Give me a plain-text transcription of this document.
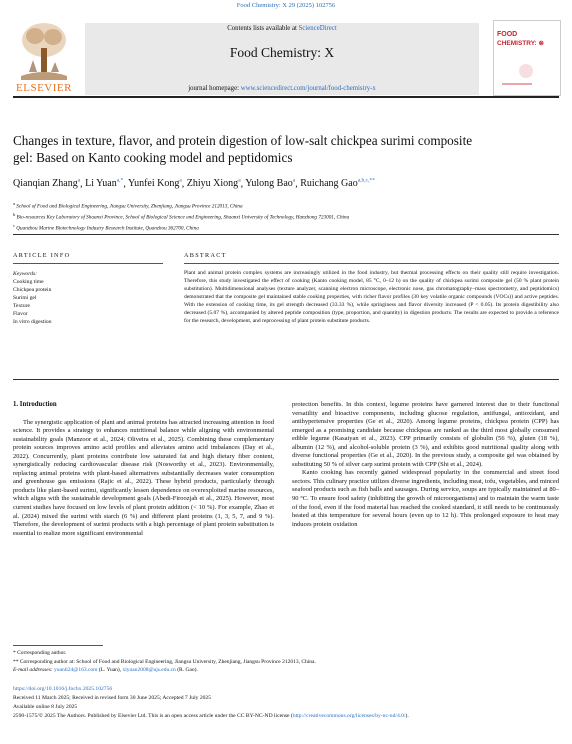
Food Chemistry: X 29 (2025) 102756
ELSEVIER
Contents lists available at ScienceDirect
Food Chemistry: X
journal homepage: www.sciencedirect.com/journal/food-chemistry-x
FOOD
CHEMISTRY: ⊗
Changes in texture, flavor, and protein digestion of low-salt chickpea surimi composite gel: Based on Kanto cooking model and peptidomics
Qianqian Zhang$^a$, Li Yuan$^{a,*}$, Yunfei Kong$^a$, Zhiyu Xiong$^a$, Yulong Bao$^a$, Ruichang Gao$^{a,b,c,**}$
$^a$ School of Food and Biological Engineering, Jiangsu University, Zhenjiang, Jiangsu Province 212013, China
$^b$ Bio-resources Key Laboratory of Shaanxi Province, School of Biological Science and Engineering, Shaanxi University of Technology, Hanzhong 723001, China
$^c$ Quanzhou Marine Biotechnology Industry Research Institute, Quanzhou 362700, China
ARTICLE INFO	ABSTRACT
Keywords:
Cooking time
Chickpea protein
Surimi gel
Texture
Flavor
In vitro digestion
Plant and animal protein complex systems are increasingly utilized in the food industry, but thermal processing effects on their quality still require investigation. Therefore, this study investigated the effect of cooking (Kanto cooking model, 85 °C, 0–12 h) on the quality of chickpea surimi composite gel (50 % plant protein substitution). Multidimensional analyses (texture analyzer, scanning electron microscope, electronic nose, gas chromatography–mass spectrometry, and peptidomics) demonstrated that the composite gel maintained stable cooking properties, with richer flavor profiles (30 key volatile organic compounds (VOCs)) and active peptides. With the extension of cooking time, its gel strength decreased (33.33 %), while springiness and flavor diversity increased (P < 0.05). Its protein digestibility also decreased (5.07 %), accompanied by altered peptide composition (type, proportion, and quantity) in digestion products. The results are expected to provide a reference for the research, development, and reprocessing of plant protein substitute products.

1. Introduction

The synergistic application of plant and animal proteins has attracted increasing attention in food science. It provides a strategy to enhances nutritional balance while aligning with environmental sustainability goals (Manzoor et al., 2024; Oliveira et al., 2025). Combining these complementary protein sources improves amino acid profiles and alleviates amino acid imbalances (Day et al., 2022). Concurrently, plant proteins contribute low saturated fat and high dietary fiber content, synergistically reducing cardiovascular disease risk (Nosworthy et al., 2023). Environmentally, replacing animal proteins with plant-based alternatives substantially decreases water consumption and greenhouse gas emissions (Rajic et al., 2022). These hybrid products, particularly through products like plant-based surimi, significantly lessen dependence on overexploited marine resources, which aligns with the sustainable development goals (Abedi-Firoozjah et al., 2025). However, most current studies have focused on low levels of plant protein addition (< 10 %). For example, Zhao et al. (2024) mixed the surimi with starch (6 %) and different plant proteins (1, 3, 5, 7, and 9 %). Therefore, the development of surimi products with a high percentage of plant protein substitution is essential to realize more significant environmental

protection benefits. In this context, legume proteins have garnered interest due to their functional versatility and bioactive components, including glucose regulation, antifungal, antioxidant, and antihypertensive properties (Ge et al., 2020). Among legume proteins, chickpea protein (CPP) has emerged as a promising candidate because chickpeas are ranked as the third most globally consumed edible legume (Kasaiyan et al., 2023). CPP primarily consists of globulin (56 %), gluten (18 %), albumin (12 %), and alcohol-soluble protein (3 %), and exhibits good nutritional quality along with diverse functional properties (Ge et al., 2020). In the previous study, a composite gel was obtained by substituting 50 % of silver carp surimi protein with CPP (Shi et al., 2024).

Kanto cooking has recently gained widespread popularity in the commercial and street food sectors. This culinary practice utilizes diverse ingredients, including meat, tofu, vegetables, and minced seafood products such as fish balls and sausages. During service, soups are typically maintained at 80–90 °C. To ensure food safety (inhibiting the growth of microorganisms) and to maintain the warm taste of the food, even if the food material has reached the cooked standard, it still needs to be continuously heated at this temperature for several hours (even up to 12 h). This prolonged exposure to heat may induces protein oxidation

* Corresponding author.
** Corresponding author at: School of Food and Biological Engineering, Jiangsu University, Zhenjiang, Jiangsu Province 212013, China.
E-mail addresses: yuanli24@163.com (L. Yuan), xiyuan2008@ujs.edu.cn (R. Gao).
https://doi.org/10.1016/j.fochx.2025.102756
Received 11 March 2025; Received in revised form 30 June 2025; Accepted 7 July 2025
Available online 8 July 2025
2590-1575/© 2025 The Authors. Published by Elsevier Ltd. This is an open access article under the CC BY-NC-ND license (http://creativecommons.org/licenses/by-nc-nd/4.0/).
